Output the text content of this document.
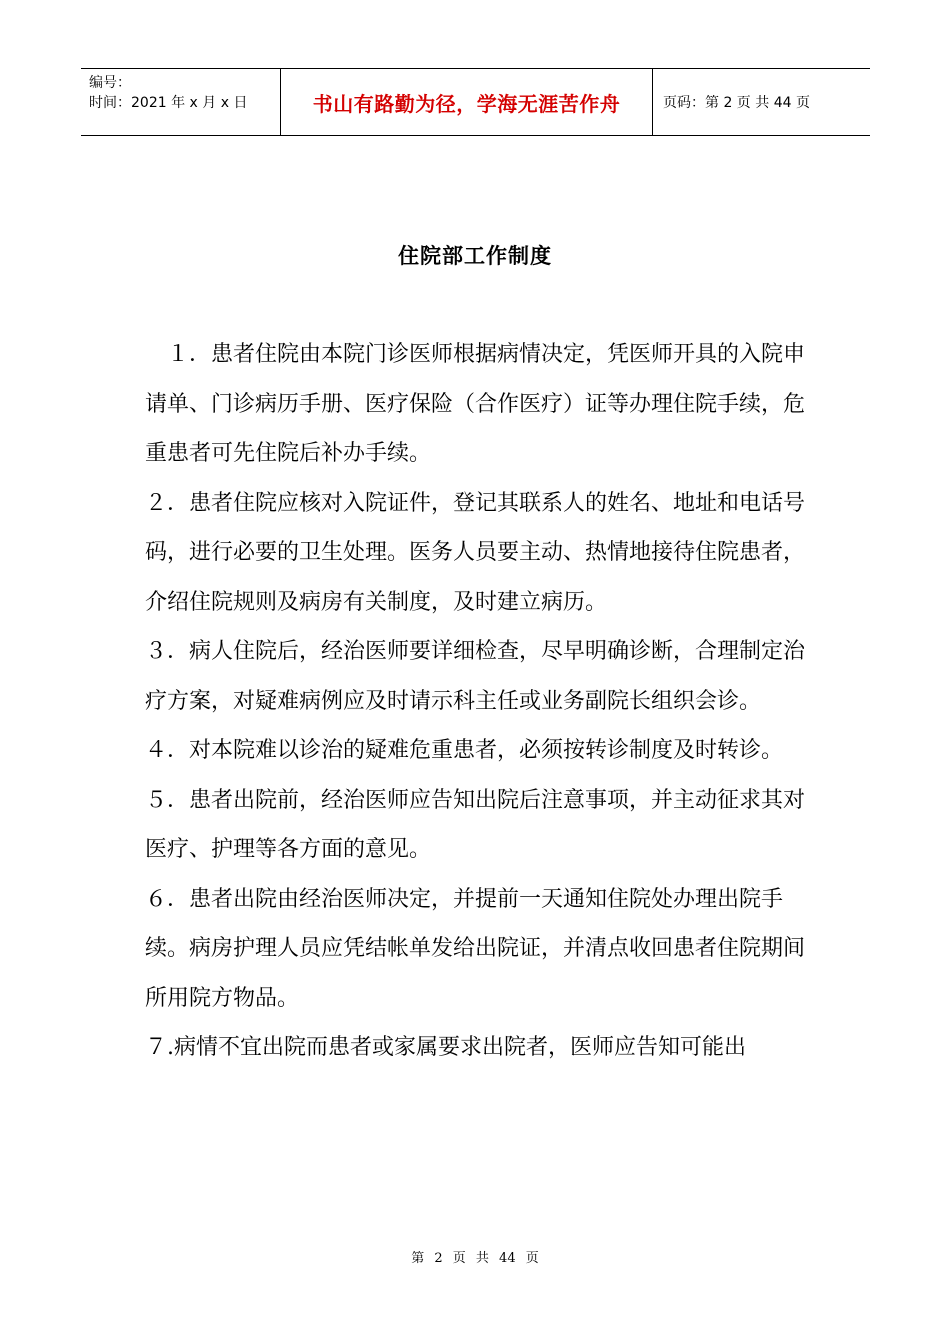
编号：
时间：2021 年 x 月 x 日	书山有路勤为径，学海无涯苦作舟	页码：第 2 页 共 44 页
住院部工作制度

　１．患者住院由本院门诊医师根据病情决定，凭医师开具的入院申请单、门诊病历手册、医疗保险（合作医疗）证等办理住院手续，危重患者可先住院后补办手续。

２．患者住院应核对入院证件，登记其联系人的姓名、地址和电话号码，进行必要的卫生处理。医务人员要主动、热情地接待住院患者，介绍住院规则及病房有关制度，及时建立病历。

３．病人住院后，经治医师要详细检查，尽早明确诊断，合理制定治疗方案，对疑难病例应及时请示科主任或业务副院长组织会诊。

４．对本院难以诊治的疑难危重患者，必须按转诊制度及时转诊。

５．患者出院前，经治医师应告知出院后注意事项，并主动征求其对医疗、护理等各方面的意见。

６．患者出院由经治医师决定，并提前一天通知住院处办理出院手续。病房护理人员应凭结帐单发给出院证，并清点收回患者住院期间所用院方物品。

７.病情不宜出院而患者或家属要求出院者，医师应告知可能出

第 2 页 共 44 页
